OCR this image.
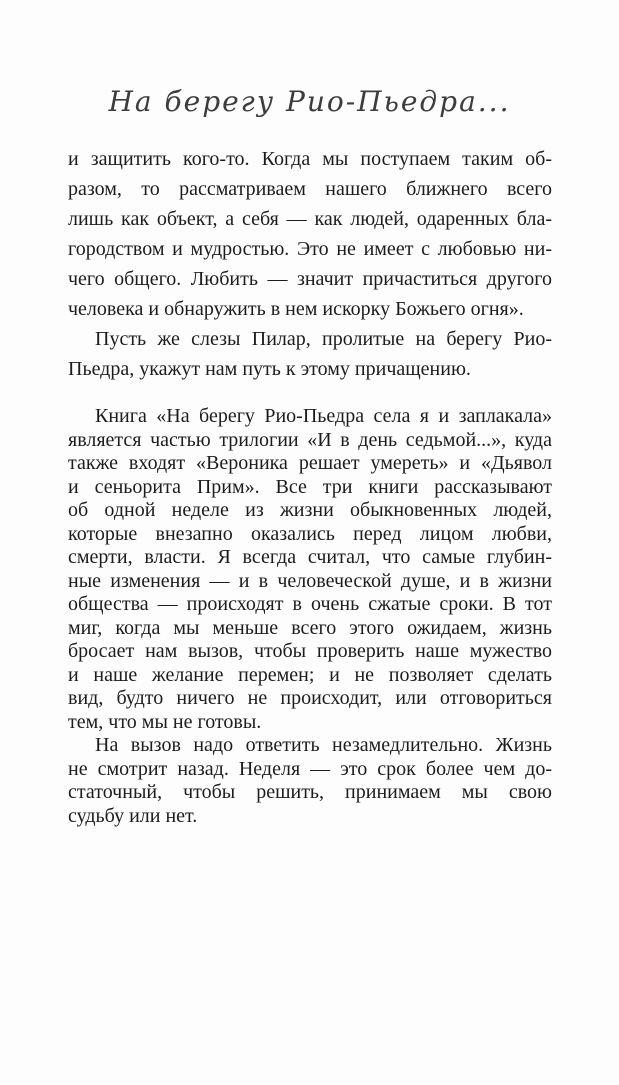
На берегу Рио-Пьедра...
и защитить кого-то. Когда мы поступаем таким об-
разом, то рассматриваем нашего ближнего всего
лишь как объект, а себя — как людей, одаренных бла-
городством и мудростью. Это не имеет с любовью ни-
чего общего. Любить — значит причаститься другого
человека и обнаружить в нем искорку Божьего огня».
Пусть же слезы Пилар, пролитые на берегу Рио-
Пьедра, укажут нам путь к этому причащению.
Книга «На берегу Рио-Пьедра села я и заплакала»
является частью трилогии «И в день седьмой...», куда
также входят «Вероника решает умереть» и «Дьявол
и сеньорита Прим». Все три книги рассказывают
об одной неделе из жизни обыкновенных людей,
которые внезапно оказались перед лицом любви,
смерти, власти. Я всегда считал, что самые глубин-
ные изменения — и в человеческой душе, и в жизни
общества — происходят в очень сжатые сроки. В тот
миг, когда мы меньше всего этого ожидаем, жизнь
бросает нам вызов, чтобы проверить наше мужество
и наше желание перемен; и не позволяет сделать
вид, будто ничего не происходит, или отговориться
тем, что мы не готовы.
На вызов надо ответить незамедлительно. Жизнь
не смотрит назад. Неделя — это срок более чем до-
статочный, чтобы решить, принимаем мы свою
судьбу или нет.
